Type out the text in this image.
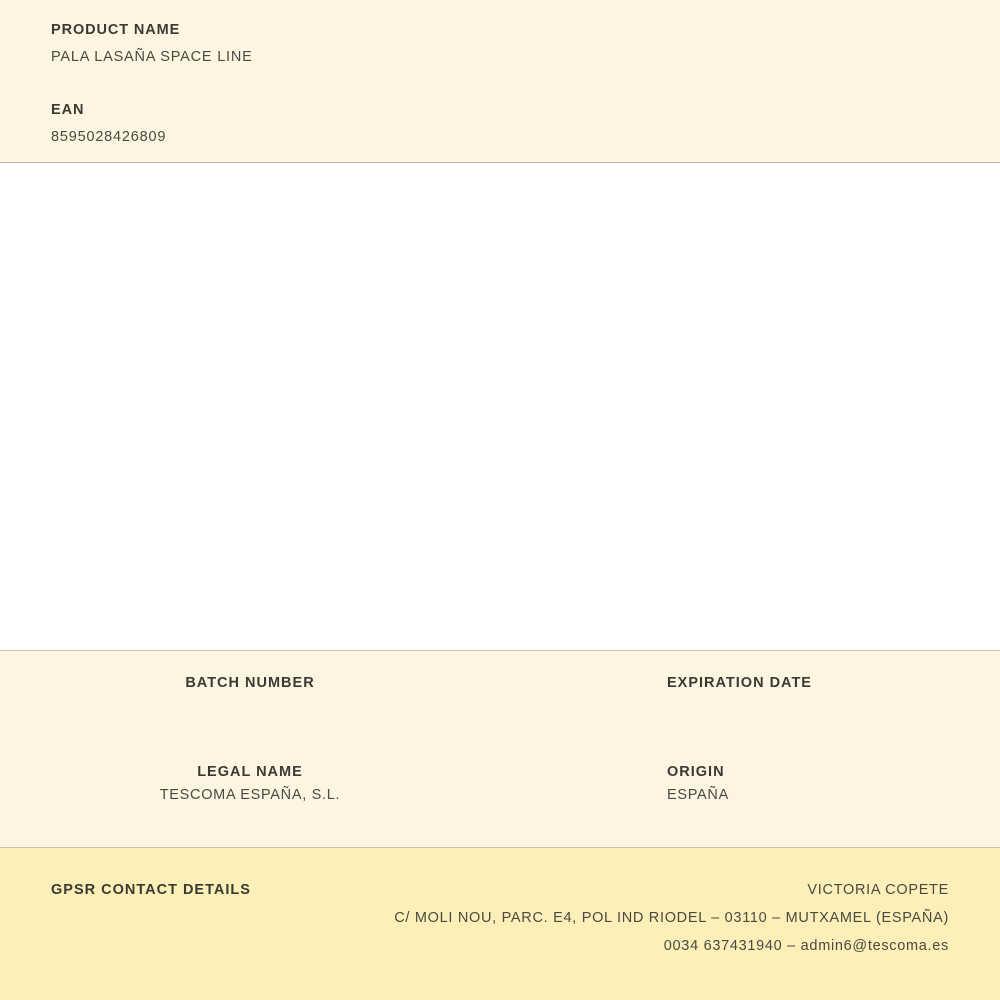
PRODUCT NAME

PALA LASAÑA SPACE LINE

EAN

8595028426809

BATCH NUMBER	EXPIRATION DATE

LEGAL NAME

TESCOMA ESPAÑA, S.L.

ORIGIN

ESPAÑA

GPSR CONTACT DETAILS	VICTORIA COPETE

C/ MOLI NOU, PARC. E4, POL IND RIODEL – 03110 – MUTXAMEL (ESPAÑA)

0034 637431940 – admin6@tescoma.es
